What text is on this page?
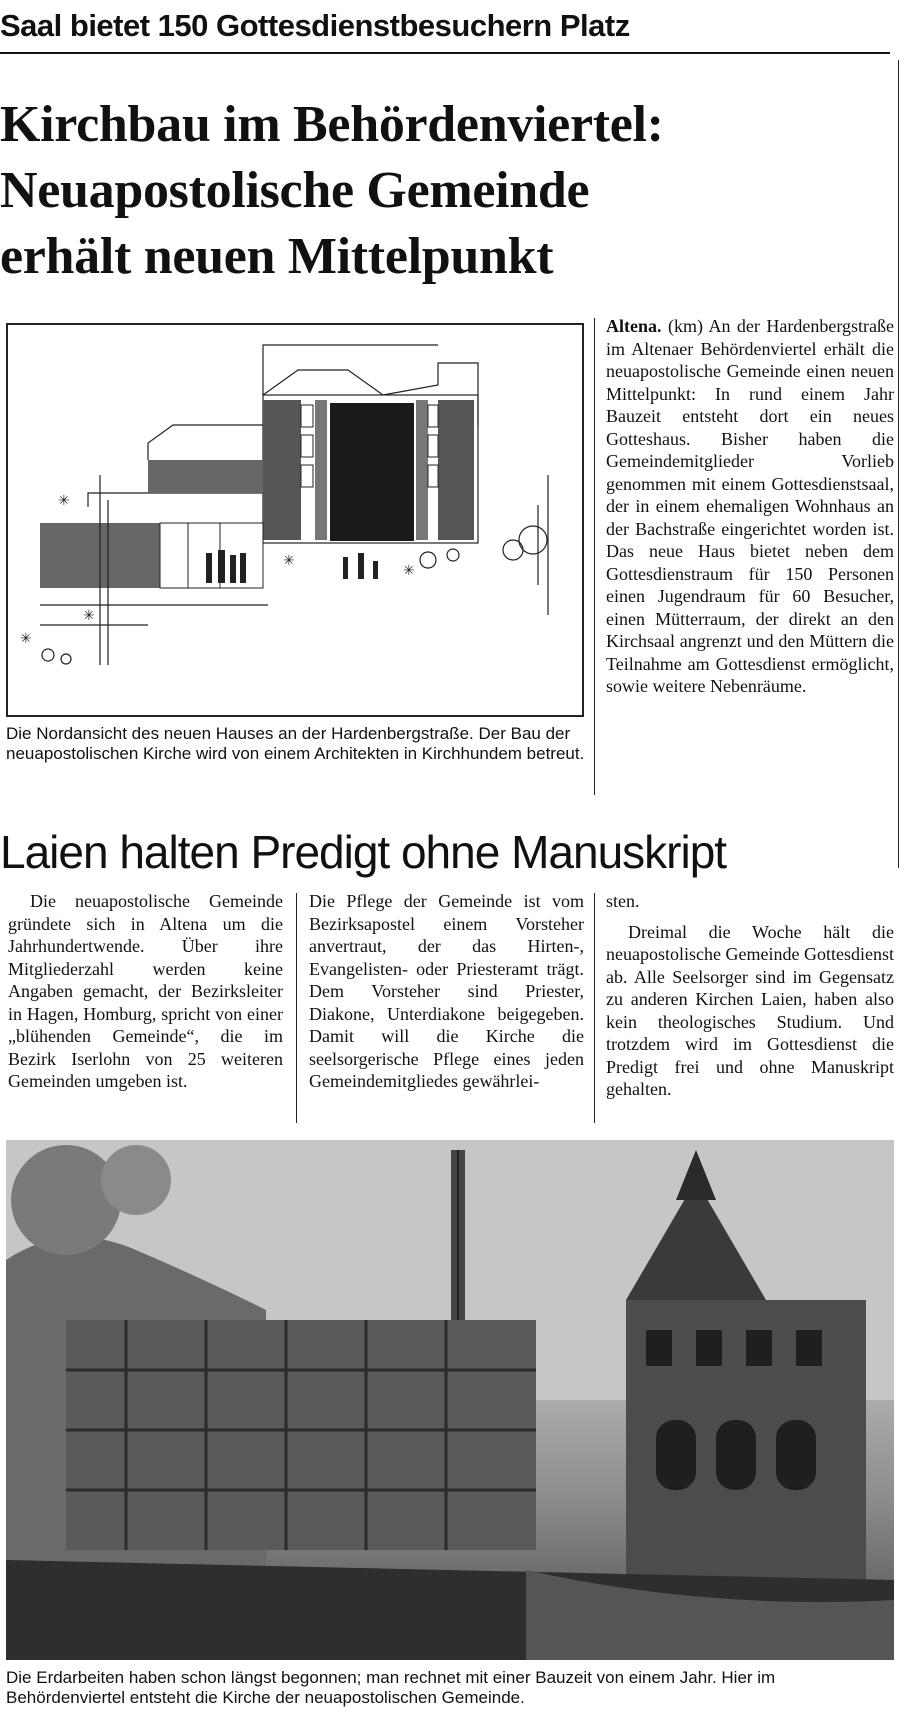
Saal bietet 150 Gottesdienstbesuchern Platz
Kirchbau im Behördenviertel:
Neuapostolische Gemeinde
erhält neuen Mittelpunkt
✳
✳
✳
✳
✳
Die Nordansicht des neuen Hauses an der Hardenbergstraße. Der Bau der neuapostolischen Kirche wird von einem Architekten in Kirchhundem betreut.
Altena. (km) An der Hardenbergstraße im Altenaer Behördenviertel erhält die neuapostolische Gemeinde einen neuen Mittelpunkt: In rund einem Jahr Bauzeit entsteht dort ein neues Gotteshaus. Bisher haben die Gemeindemitglieder Vorlieb genommen mit einem Gottesdienstsaal, der in einem ehemaligen Wohnhaus an der Bachstraße eingerichtet worden ist. Das neue Haus bietet neben dem Gottesdienstraum für 150 Personen einen Jugendraum für 60 Besucher, einen Mütterraum, der direkt an den Kirchsaal angrenzt und den Müttern die Teilnahme am Gottesdienst ermöglicht, sowie weitere Nebenräume.
Laien halten Predigt ohne Manuskript

Die neuapostolische Gemeinde gründete sich in Altena um die Jahrhundertwende. Über ihre Mitgliederzahl werden keine Angaben gemacht, der Bezirksleiter in Hagen, Homburg, spricht von einer „blühenden Gemeinde“, die im Bezirk Iserlohn von 25 weiteren Gemeinden umgeben ist.

Die Pflege der Gemeinde ist vom Bezirksapostel einem Vorsteher anvertraut, der das Hirten-, Evangelisten- oder Priesteramt trägt. Dem Vorsteher sind Priester, Diakone, Unterdiakone beigegeben. Damit will die Kirche die seelsorgerische Pflege eines jeden Gemeindemitgliedes gewährlei-

sten.

Dreimal die Woche hält die neuapostolische Gemeinde Gottesdienst ab. Alle Seelsorger sind im Gegensatz zu anderen Kirchen Laien, haben also kein theologisches Studium. Und trotzdem wird im Gottesdienst die Predigt frei und ohne Manuskript gehalten.

Die Erdarbeiten haben schon längst begonnen; man rechnet mit einer Bauzeit von einem Jahr. Hier im Behördenviertel entsteht die Kirche der neuapostolischen Gemeinde.
